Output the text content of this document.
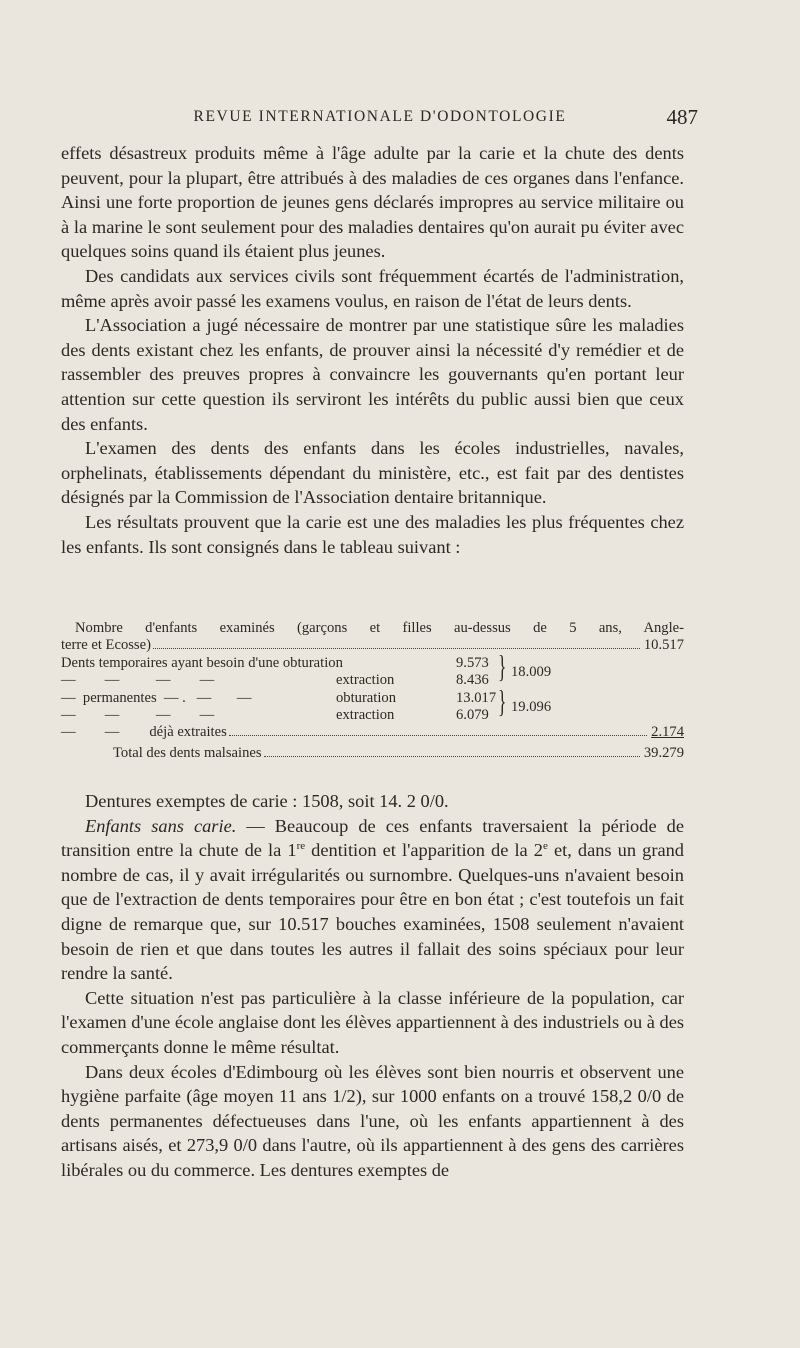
REVUE INTERNATIONALE D'ODONTOLOGIE	487

effets désastreux produits même à l'âge adulte par la carie et la chute des dents peuvent, pour la plupart, être attribués à des maladies de ces organes dans l'enfance. Ainsi une forte proportion de jeunes gens déclarés impropres au service militaire ou à la marine le sont seulement pour des maladies dentaires qu'on aurait pu éviter avec quelques soins quand ils étaient plus jeunes.

Des candidats aux services civils sont fréquemment écartés de l'administration, même après avoir passé les examens voulus, en raison de l'état de leurs dents.

L'Association a jugé nécessaire de montrer par une statistique sûre les maladies des dents existant chez les enfants, de prouver ainsi la nécessité d'y remédier et de rassembler des preuves propres à convaincre les gouvernants qu'en portant leur attention sur cette question ils serviront les intérêts du public aussi bien que ceux des enfants.

L'examen des dents des enfants dans les écoles industrielles, navales, orphelinats, établissements dépendant du ministère, etc., est fait par des dentistes désignés par la Commission de l'Association dentaire britannique.

Les résultats prouvent que la carie est une des maladies les plus fréquentes chez les enfants. Ils sont consignés dans le tableau suivant :

Nombre d'enfants examinés (garçons et filles au-dessus de 5 ans, Angle-
terre et Ecosse)	10.517
Dents temporaires ayant besoin d'une obturation	9.573
—        —          —        —	extraction	8.436 } 18.009
—  permanentes  — .   —       —	obturation	13.017
—        —          —        —	extraction	6.079 } 19.096
—        — déjà extraites	2.174
Total des dents malsaines	39.279

Dentures exemptes de carie : 1508, soit 14. 2 0/0.

Enfants sans carie. — Beaucoup de ces enfants traversaient la période de transition entre la chute de la 1re dentition et l'apparition de la 2e et, dans un grand nombre de cas, il y avait irrégularités ou surnombre. Quelques-uns n'avaient besoin que de l'extraction de dents temporaires pour être en bon état ; c'est toutefois un fait digne de remarque que, sur 10.517 bouches examinées, 1508 seulement n'avaient besoin de rien et que dans toutes les autres il fallait des soins spéciaux pour leur rendre la santé.

Cette situation n'est pas particulière à la classe inférieure de la population, car l'examen d'une école anglaise dont les élèves appartiennent à des industriels ou à des commerçants donne le même résultat.

Dans deux écoles d'Edimbourg où les élèves sont bien nourris et observent une hygiène parfaite (âge moyen 11 ans 1/2), sur 1000 enfants on a trouvé 158,2 0/0 de dents permanentes défectueuses dans l'une, où les enfants appartiennent à des artisans aisés, et 273,9 0/0 dans l'autre, où ils appartiennent à des gens des carrières libérales ou du commerce. Les dentures exemptes de
